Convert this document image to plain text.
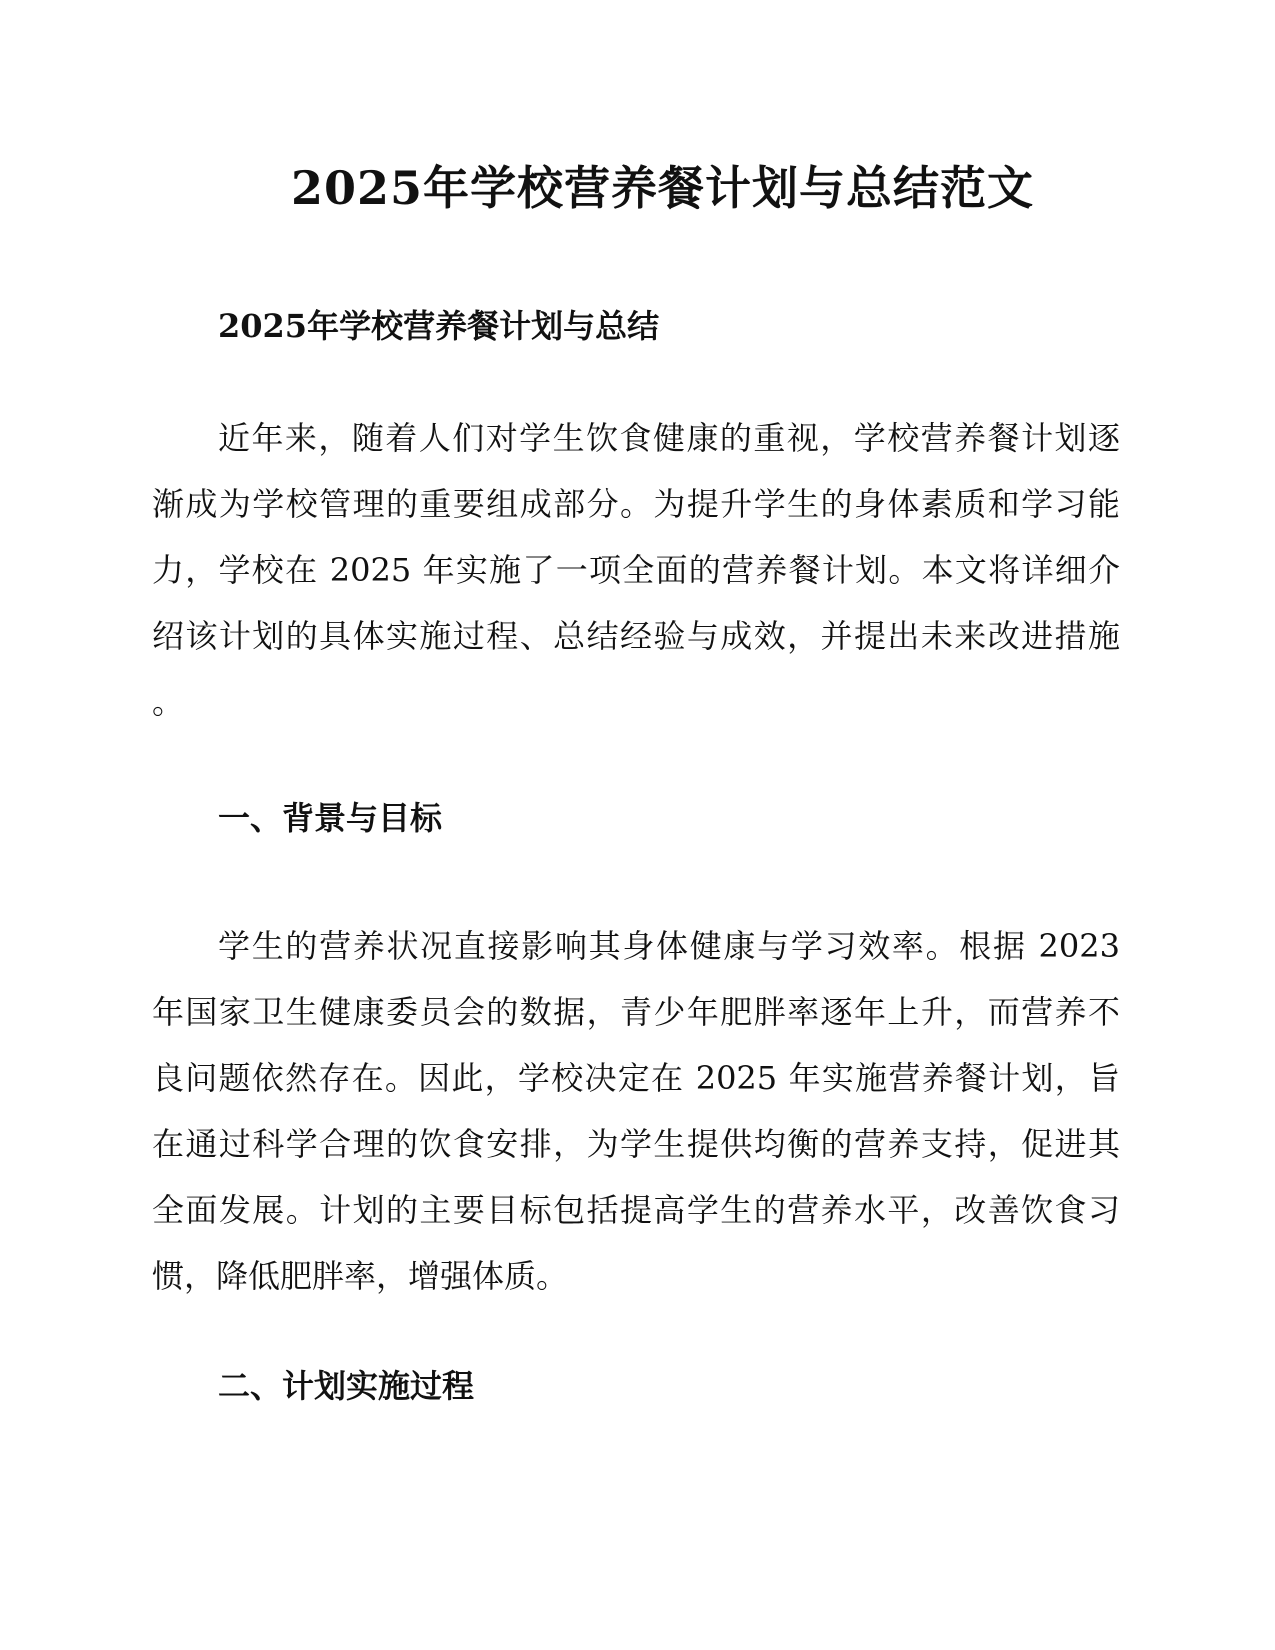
2025年学校营养餐计划与总结范文
2025年学校营养餐计划与总结
近年来，随着人们对学生饮食健康的重视，学校营养餐计划逐
渐成为学校管理的重要组成部分。为提升学生的身体素质和学习能
力，学校在 2025 年实施了一项全面的营养餐计划。本文将详细介
绍该计划的具体实施过程、总结经验与成效，并提出未来改进措施
。
一、背景与目标
学生的营养状况直接影响其身体健康与学习效率。根据 2023
年国家卫生健康委员会的数据，青少年肥胖率逐年上升，而营养不
良问题依然存在。因此，学校决定在 2025 年实施营养餐计划，旨
在通过科学合理的饮食安排，为学生提供均衡的营养支持，促进其
全面发展。计划的主要目标包括提高学生的营养水平，改善饮食习
惯，降低肥胖率，增强体质。
二、计划实施过程
